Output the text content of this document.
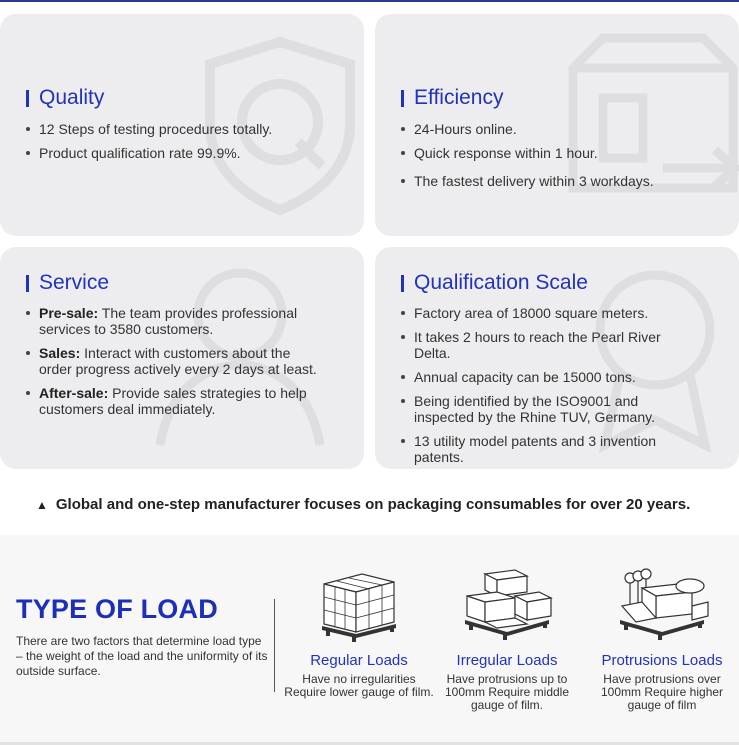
Quality
12 Steps of testing procedures totally.
Product qualification rate 99.9%.
Efficiency
24-Hours online.
Quick response within 1 hour.
The fastest delivery within 3 workdays.
Service
Pre-sale: The team provides professional services to 3580 customers.
Sales: Interact with customers about the order progress actively every 2 days at least.
After-sale: Provide sales strategies to help customers deal immediately.
Qualification Scale
Factory area of 18000 square meters.
It takes 2 hours to reach the Pearl River Delta.
Annual capacity can be 15000 tons.
Being identified by the ISO9001 and inspected by the Rhine TUV, Germany.
13 utility model patents and 3 invention patents.
▲ Global and one-step manufacturer focuses on packaging consumables for over 20 years.
TYPE OF LOAD
There are two factors that determine load type – the weight of the load and the uniformity of its outside surface.
Regular Loads
Have no irregularities Require lower gauge of film.
Irregular Loads
Have protrusions up to 100mm Require middle gauge of film.
Protrusions Loads
Have protrusions over 100mm Require higher gauge of film
